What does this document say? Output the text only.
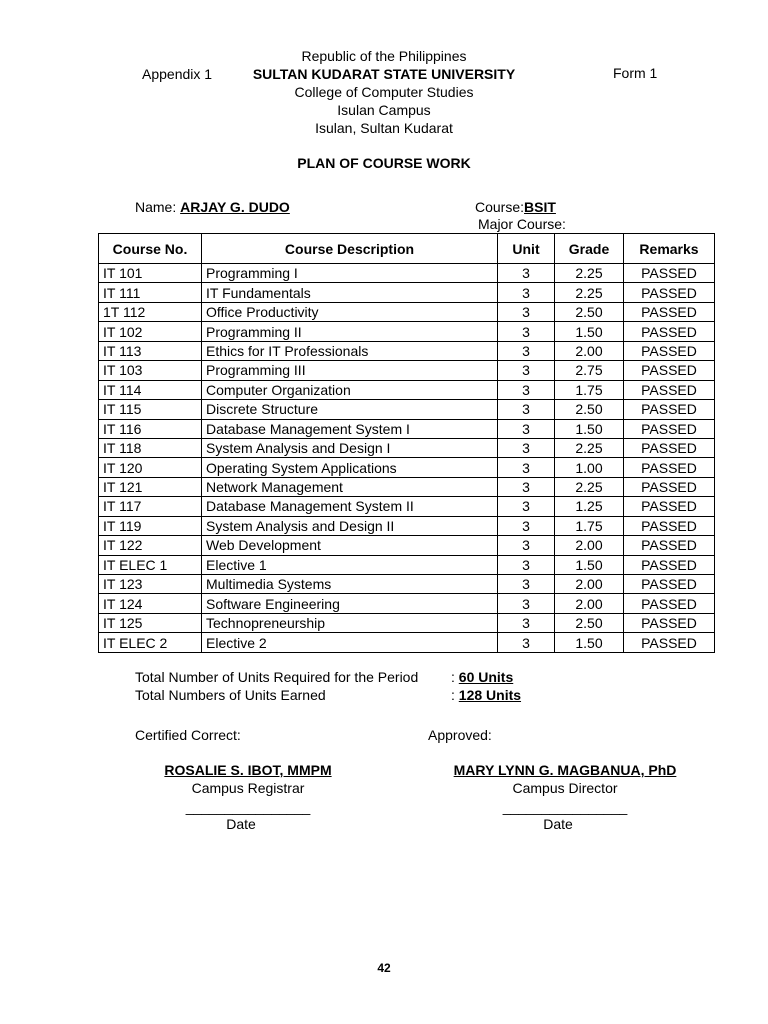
Republic of the Philippines
Appendix 1	SULTAN KUDARAT STATE UNIVERSITY	Form 1
College of Computer Studies
Isulan Campus
Isulan, Sultan Kudarat
PLAN OF COURSE WORK
Name: ARJAY G. DUDO	Course:BSIT
Major Course:
Course No.	Course Description	Unit	Grade	Remarks
IT 101	Programming I	3	2.25	PASSED
IT 111	IT Fundamentals	3	2.25	PASSED
1T 112	Office Productivity	3	2.50	PASSED
IT 102	Programming II	3	1.50	PASSED
IT 113	Ethics for IT Professionals	3	2.00	PASSED
IT 103	Programming III	3	2.75	PASSED
IT 114	Computer Organization	3	1.75	PASSED
IT 115	Discrete Structure	3	2.50	PASSED
IT 116	Database Management System I	3	1.50	PASSED
IT 118	System Analysis and Design I	3	2.25	PASSED
IT 120	Operating System Applications	3	1.00	PASSED
IT 121	Network Management	3	2.25	PASSED
IT 117	Database Management System II	3	1.25	PASSED
IT 119	System Analysis and Design II	3	1.75	PASSED
IT 122	Web Development	3	2.00	PASSED
IT ELEC 1	Elective 1	3	1.50	PASSED
IT 123	Multimedia Systems	3	2.00	PASSED
IT 124	Software Engineering	3	2.00	PASSED
IT 125	Technopreneurship	3	2.50	PASSED
IT ELEC 2	Elective 2	3	1.50	PASSED
Total Number of Units Required for the Period : 60 Units
Total Numbers of Units Earned	: 128 Units
Certified Correct:	Approved:
ROSALIE S. IBOT, MMPM
Campus Registrar
________________
Date
MARY LYNN G. MAGBANUA, PhD
Campus Director
________________
Date
42
